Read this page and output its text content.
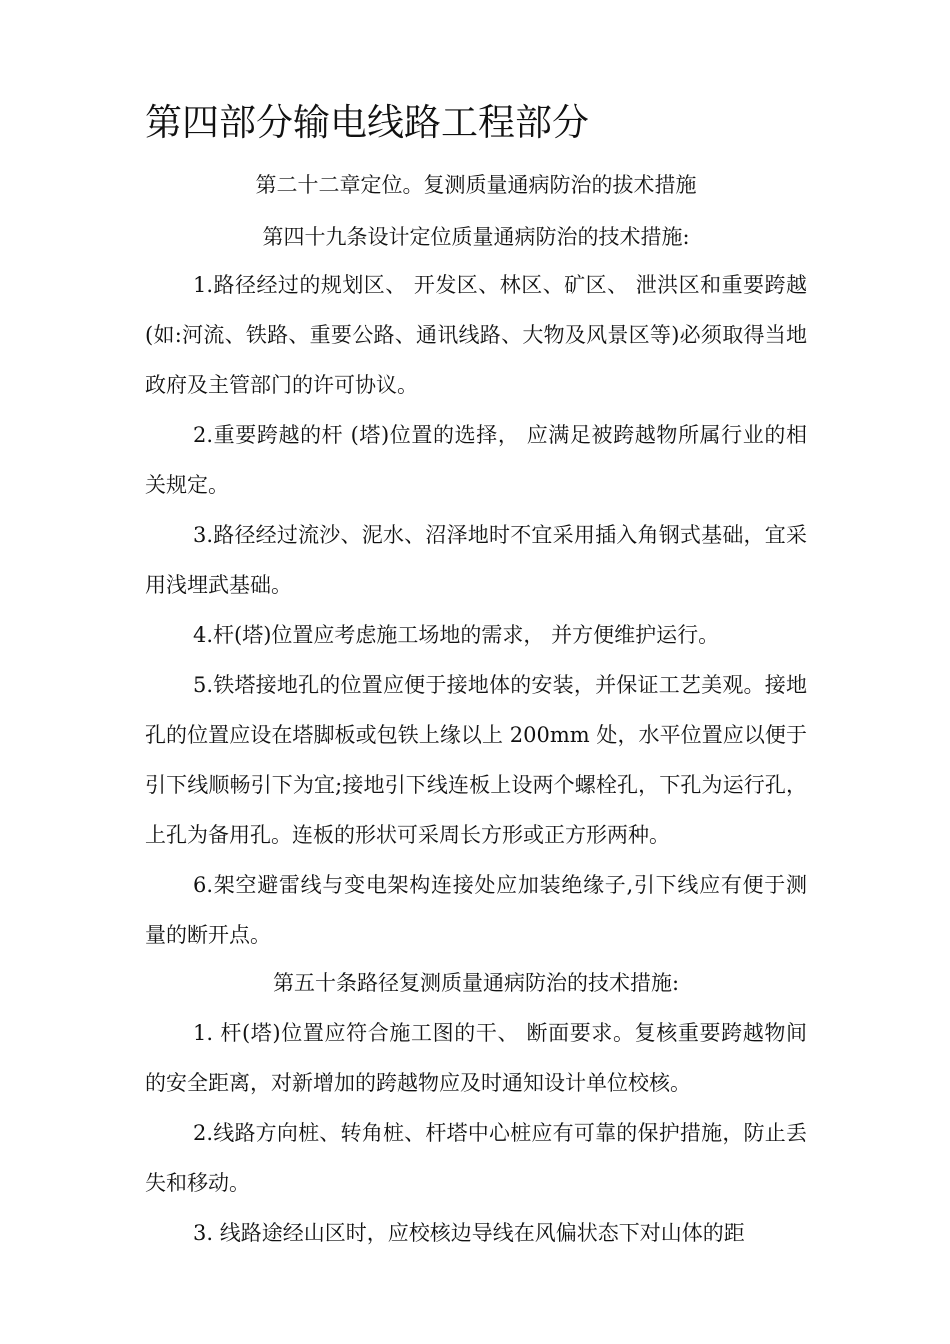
第四部分输电线路工程部分
第二十二章定位。复测质量通病防治的拔术措施
第四十九条设计定位质量通病防治的技术措施:
1.路径经过的规划区、 开发区、林区、矿区、 泄洪区和重要跨越(如:河流、铁路、重要公路、通讯线路、大物及风景区等)必须取得当地政府及主管部门的许可协议。
2.重要跨越的杆 (塔)位置的选择， 应满足被跨越物所属行业的相关规定。
3.路径经过流沙、泥水、沼泽地时不宜采用插入角钢式基础，宜采用浅埋武基础。
4.杆(塔)位置应考虑施工场地的需求， 并方便维护运行。
5.铁塔接地孔的位置应便于接地体的安装，并保证工艺美观。接地孔的位置应设在塔脚板或包铁上缘以上 200mm 处，水平位置应以便于引下线顺畅引下为宜;接地引下线连板上设两个螺栓孔，下孔为运行孔，上孔为备用孔。连板的形状可采周长方形或正方形两种。
6.架空避雷线与变电架构连接处应加装绝缘子,引下线应有便于测量的断开点。
第五十条路径复测质量通病防治的技术措施:
1. 杆(塔)位置应符合施工图的干、 断面要求。复核重要跨越物间的安全距离，对新增加的跨越物应及时通知设计单位校核。
2.线路方向桩、转角桩、杆塔中心桩应有可靠的保护措施，防止丢失和移动。
3. 线路途经山区时，应校核边导线在风偏状态下对山体的距
